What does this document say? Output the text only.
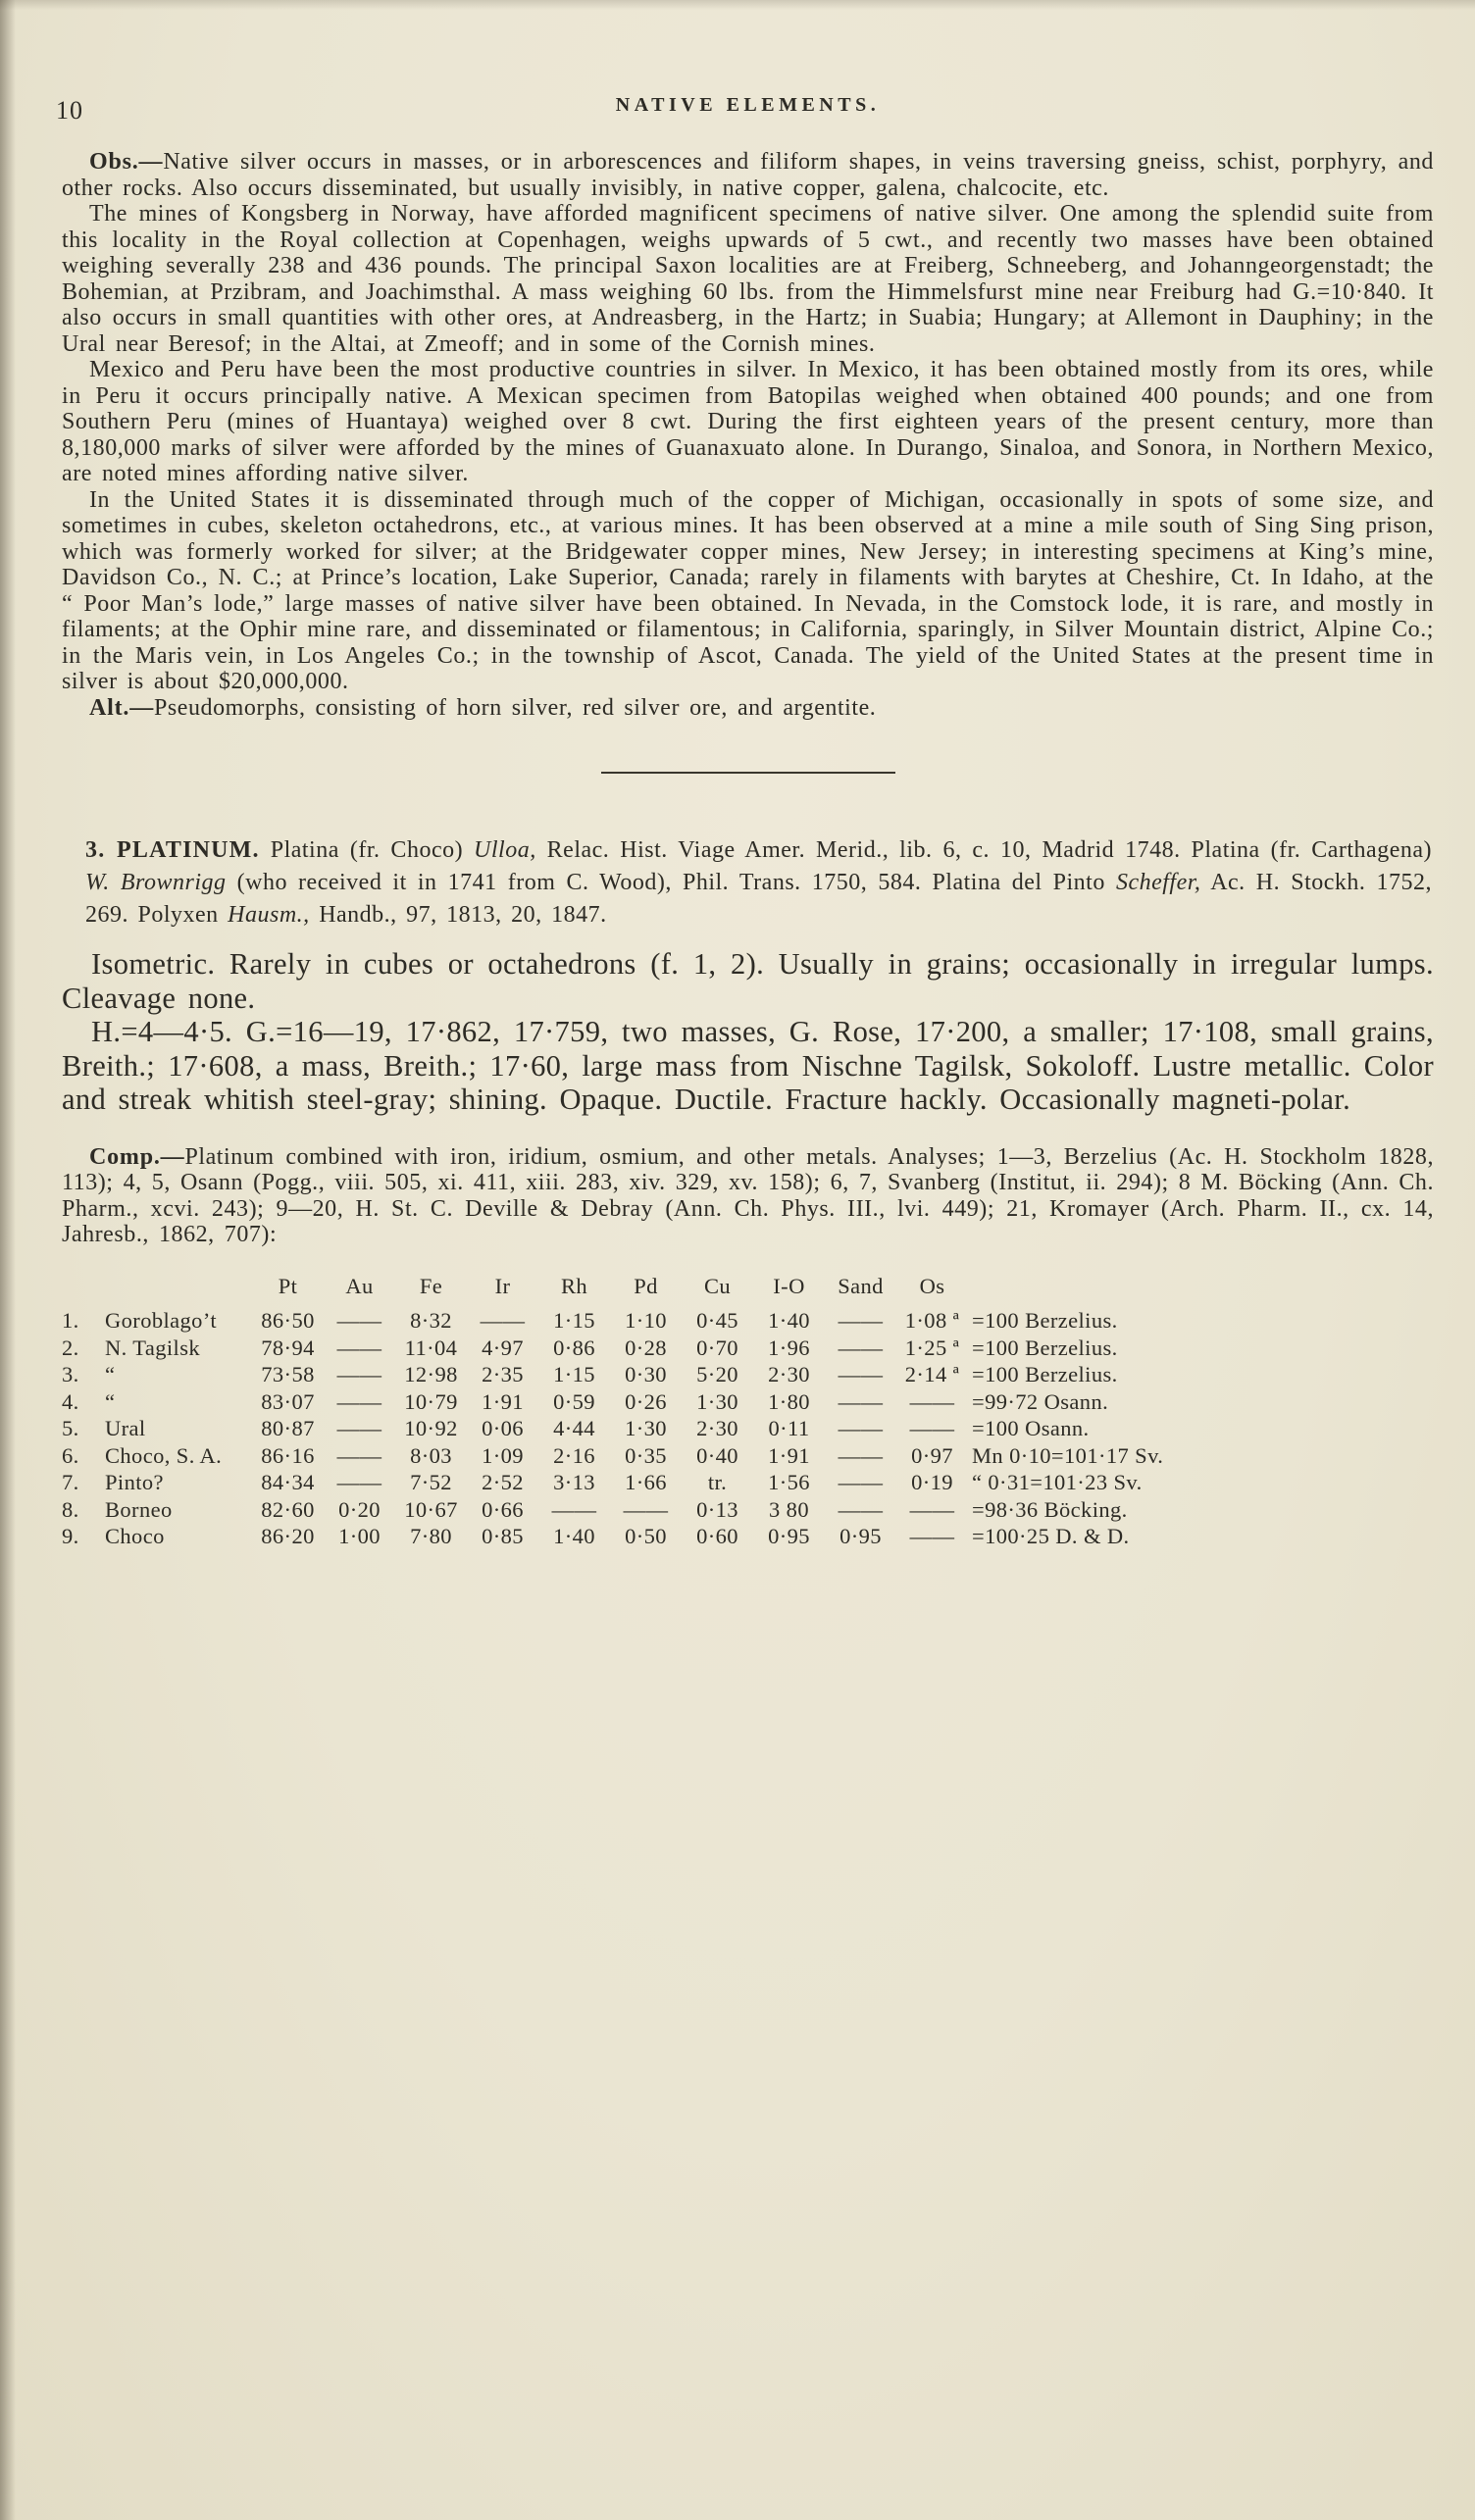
10	NATIVE ELEMENTS.

Obs.—Native silver occurs in masses, or in arborescences and filiform shapes, in veins traversing gneiss, schist, porphyry, and other rocks. Also occurs disseminated, but usually invisibly, in native copper, galena, chalcocite, etc.

The mines of Kongsberg in Norway, have afforded magnificent specimens of native silver. One among the splendid suite from this locality in the Royal collection at Copenhagen, weighs upwards of 5 cwt., and recently two masses have been obtained weighing severally 238 and 436 pounds. The principal Saxon localities are at Freiberg, Schneeberg, and Johanngeorgenstadt; the Bohemian, at Przibram, and Joachimsthal. A mass weighing 60 lbs. from the Himmelsfurst mine near Freiburg had G.=10·840. It also occurs in small quantities with other ores, at Andreasberg, in the Hartz; in Suabia; Hungary; at Allemont in Dauphiny; in the Ural near Beresof; in the Altai, at Zmeoff; and in some of the Cornish mines.

Mexico and Peru have been the most productive countries in silver. In Mexico, it has been obtained mostly from its ores, while in Peru it occurs principally native. A Mexican specimen from Batopilas weighed when obtained 400 pounds; and one from Southern Peru (mines of Huantaya) weighed over 8 cwt. During the first eighteen years of the present century, more than 8,180,000 marks of silver were afforded by the mines of Guanaxuato alone. In Durango, Sinaloa, and Sonora, in Northern Mexico, are noted mines affording native silver.

In the United States it is disseminated through much of the copper of Michigan, occasionally in spots of some size, and sometimes in cubes, skeleton octahedrons, etc., at various mines. It has been observed at a mine a mile south of Sing Sing prison, which was formerly worked for silver; at the Bridgewater copper mines, New Jersey; in interesting specimens at King’s mine, Davidson Co., N. C.; at Prince’s location, Lake Superior, Canada; rarely in filaments with barytes at Cheshire, Ct. In Idaho, at the “ Poor Man’s lode,” large masses of native silver have been obtained. In Nevada, in the Comstock lode, it is rare, and mostly in filaments; at the Ophir mine rare, and disseminated or filamentous; in California, sparingly, in Silver Mountain district, Alpine Co.; in the Maris vein, in Los Angeles Co.; in the township of Ascot, Canada. The yield of the United States at the present time in silver is about $20,000,000.

Alt.—Pseudomorphs, consisting of horn silver, red silver ore, and argentite.

3. PLATINUM. Platina (fr. Choco) Ulloa, Relac. Hist. Viage Amer. Merid., lib. 6, c. 10, Madrid 1748. Platina (fr. Carthagena) W. Brownrigg (who received it in 1741 from C. Wood), Phil. Trans. 1750, 584. Platina del Pinto Scheffer, Ac. H. Stockh. 1752, 269. Polyxen Hausm., Handb., 97, 1813, 20, 1847.

Isometric. Rarely in cubes or octahedrons (f. 1, 2). Usually in grains; occasionally in irregular lumps. Cleavage none.

H.=4—4·5. G.=16—19, 17·862, 17·759, two masses, G. Rose, 17·200, a smaller; 17·108, small grains, Breith.; 17·608, a mass, Breith.; 17·60, large mass from Nischne Tagilsk, Sokoloff. Lustre metallic. Color and streak whitish steel-gray; shining. Opaque. Ductile. Fracture hackly. Occasionally magneti-polar.

Comp.—Platinum combined with iron, iridium, osmium, and other metals. Analyses; 1—3, Berzelius (Ac. H. Stockholm 1828, 113); 4, 5, Osann (Pogg., viii. 505, xi. 411, xiii. 283, xiv. 329, xv. 158); 6, 7, Svanberg (Institut, ii. 294); 8 M. Böcking (Ann. Ch. Pharm., xcvi. 243); 9—20, H. St. C. Deville & Debray (Ann. Ch. Phys. III., lvi. 449); 21, Kromayer (Arch. Pharm. II., cx. 14, Jahresb., 1862, 707):

		Pt	Au	Fe	Ir	Rh	Pd	Cu	I-O	Sand	Os	
1.	Goroblago’t	86·50	——	8·32	——	1·15	1·10	0·45	1·40	——	1·08 ª	=100 Berzelius.
2.	N. Tagilsk	78·94	——	11·04	4·97	0·86	0·28	0·70	1·96	——	1·25 ª	=100 Berzelius.
3.	“	73·58	——	12·98	2·35	1·15	0·30	5·20	2·30	——	2·14 ª	=100 Berzelius.
4.	“	83·07	——	10·79	1·91	0·59	0·26	1·30	1·80	——	——	=99·72 Osann.
5.	Ural	80·87	——	10·92	0·06	4·44	1·30	2·30	0·11	——	——	=100 Osann.
6.	Choco, S. A.	86·16	——	8·03	1·09	2·16	0·35	0·40	1·91	——	0·97	Mn 0·10=101·17 Sv.
7.	Pinto?	84·34	——	7·52	2·52	3·13	1·66	tr.	1·56	——	0·19	“ 0·31=101·23 Sv.
8.	Borneo	82·60	0·20	10·67	0·66	——	——	0·13	3 80	——	——	=98·36 Böcking.
9.	Choco	86·20	1·00	7·80	0·85	1·40	0·50	0·60	0·95	0·95	——	=100·25 D. & D.
